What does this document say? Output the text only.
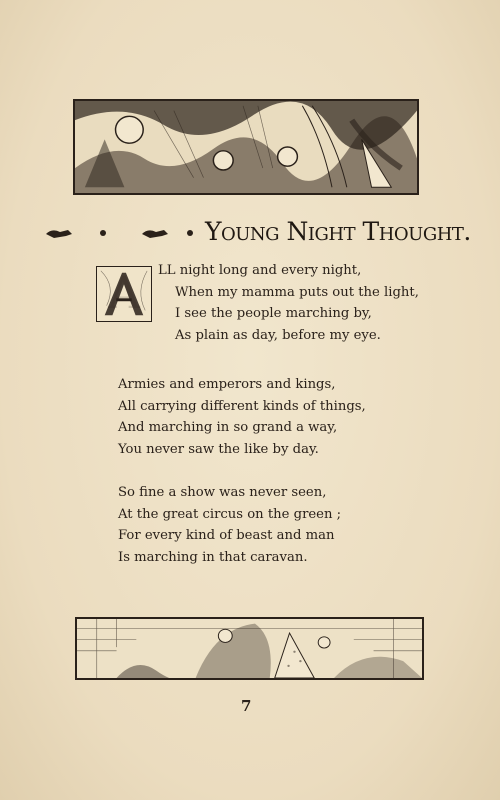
Young Night Thought.
A	LL night long and every night,
When my mamma puts out the light,
I see the people marching by,
As plain as day, before my eye.
Armies and emperors and kings,
All carrying different kinds of things,
And marching in so grand a way,
You never saw the like by day.
So fine a show was never seen,
At the great circus on the green ;
For every kind of beast and man
Is marching in that caravan.
7
